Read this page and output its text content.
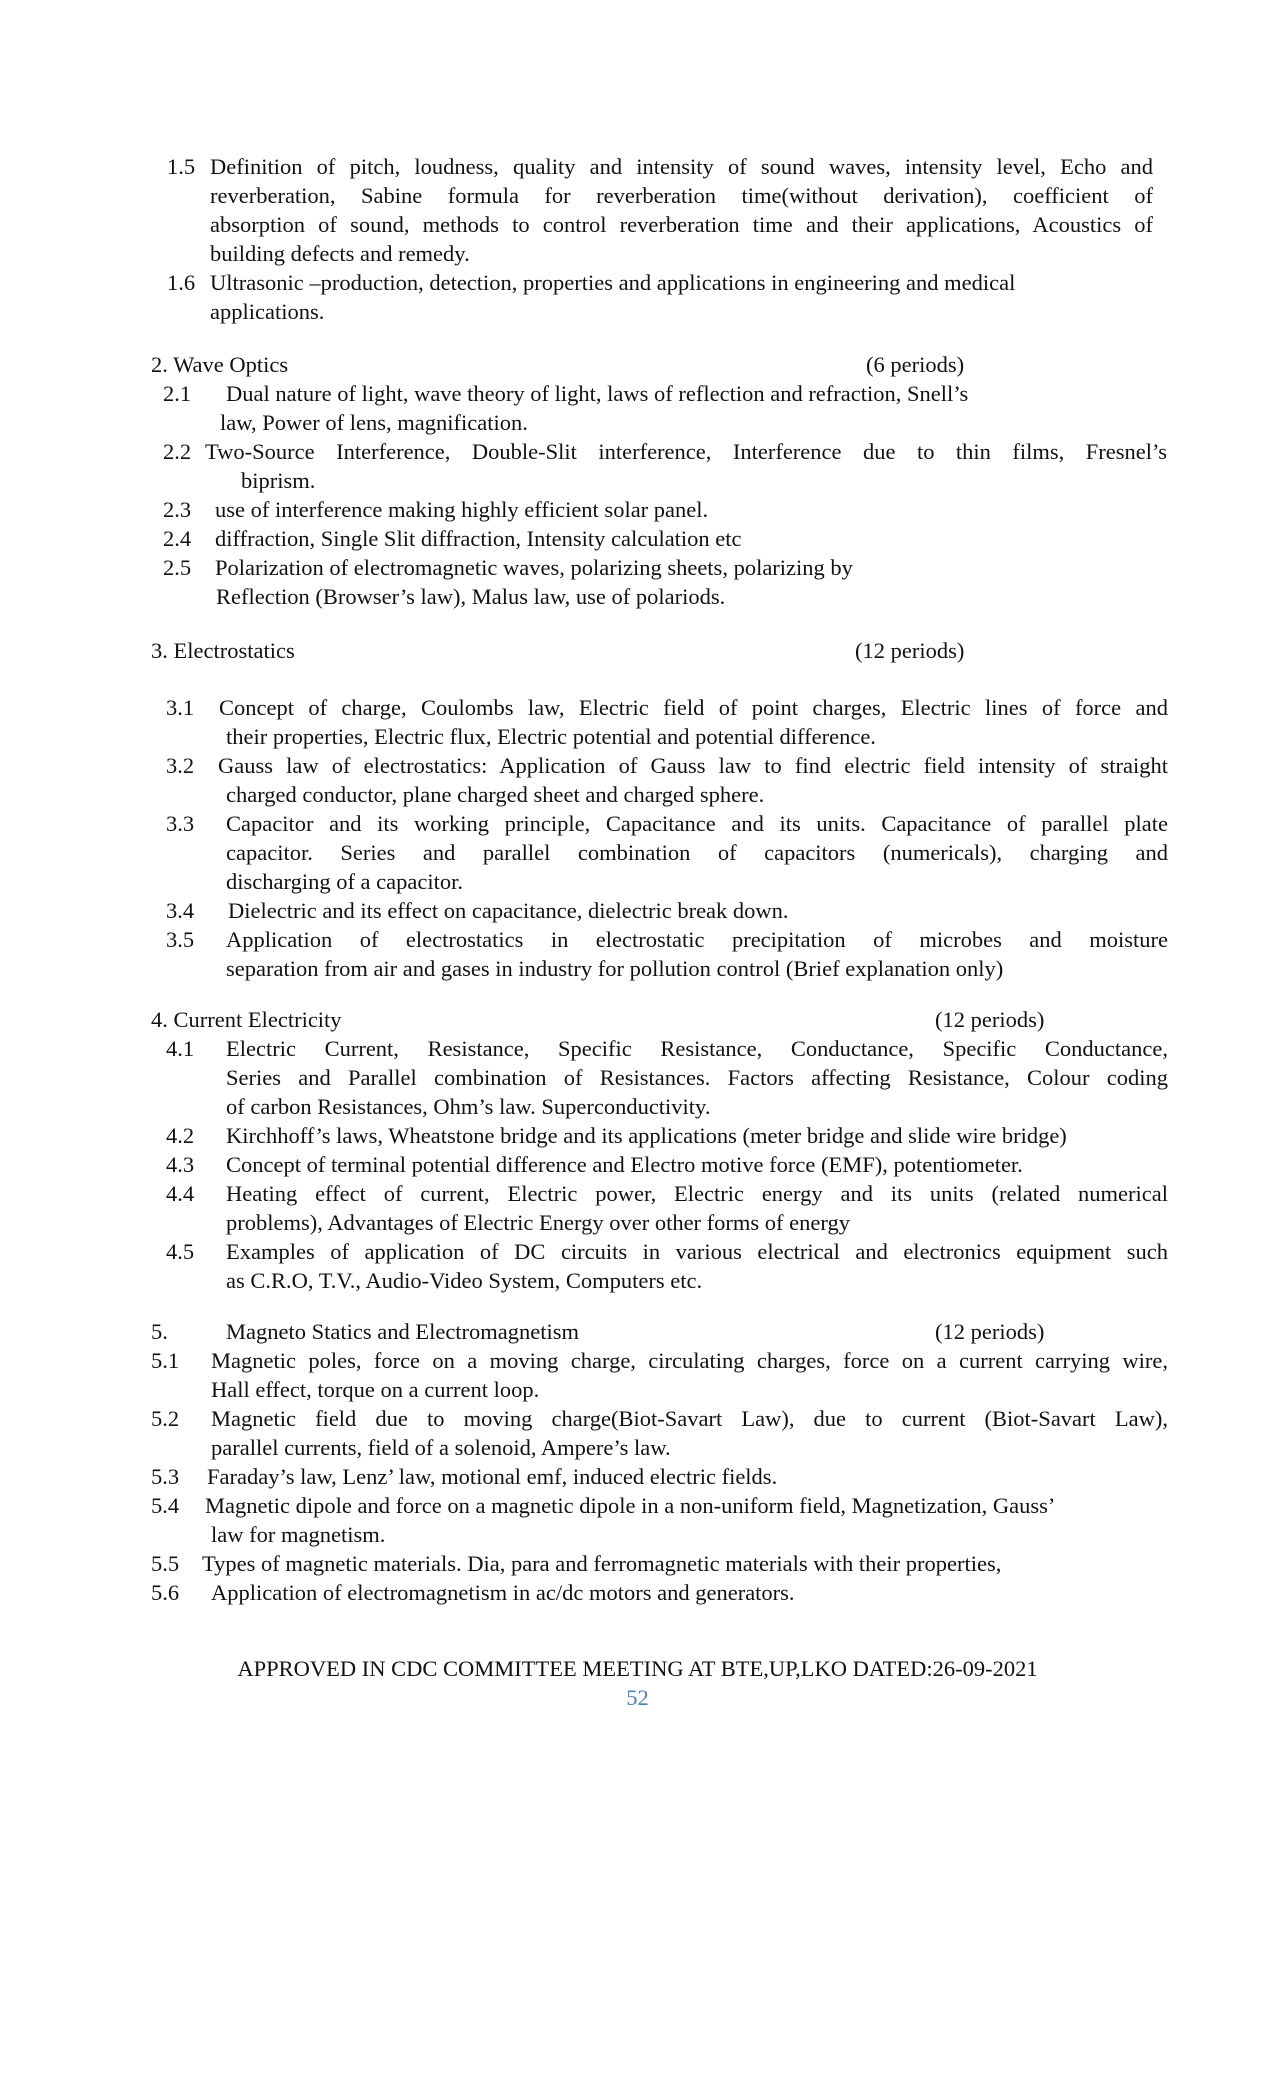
1.5 Definition of pitch, loudness, quality and intensity of sound waves, intensity level, Echo and
reverberation, Sabine formula for reverberation time(without derivation), coefficient of
absorption of sound, methods to control reverberation time and their applications, Acoustics of
building defects and remedy.
1.6 Ultrasonic –production, detection, properties and applications in engineering and medical
applications.
2. Wave Optics	(6 periods)
2.1 Dual nature of light, wave theory of light, laws of reflection and refraction, Snell’s
law, Power of lens, magnification.
2.2 Two-Source Interference, Double-Slit interference, Interference due to thin films, Fresnel’s
biprism.
2.3 use of interference making highly efficient solar panel.
2.4 diffraction, Single Slit diffraction, Intensity calculation etc
2.5 Polarization of electromagnetic waves, polarizing sheets, polarizing by
Reflection (Browser’s law), Malus law, use of polariods.
3. Electrostatics	(12 periods)
3.1 Concept of charge, Coulombs law, Electric field of point charges, Electric lines of force and
their properties, Electric flux, Electric potential and potential difference.
3.2 Gauss law of electrostatics: Application of Gauss law to find electric field intensity of straight
charged conductor, plane charged sheet and charged sphere.
3.3 Capacitor and its working principle, Capacitance and its units. Capacitance of parallel plate
capacitor. Series and parallel combination of capacitors (numericals), charging and
discharging of a capacitor.
3.4 Dielectric and its effect on capacitance, dielectric break down.
3.5 Application of electrostatics in electrostatic precipitation of microbes and moisture
separation from air and gases in industry for pollution control (Brief explanation only)
4. Current Electricity	(12 periods)
4.1 Electric Current, Resistance, Specific Resistance, Conductance, Specific Conductance,
Series and Parallel combination of Resistances. Factors affecting Resistance, Colour coding
of carbon Resistances, Ohm’s law. Superconductivity.
4.2 Kirchhoff’s laws, Wheatstone bridge and its applications (meter bridge and slide wire bridge)
4.3 Concept of terminal potential difference and Electro motive force (EMF), potentiometer.
4.4 Heating effect of current, Electric power, Electric energy and its units (related numerical
problems), Advantages of Electric Energy over other forms of energy
4.5 Examples of application of DC circuits in various electrical and electronics equipment such
as C.R.O, T.V., Audio-Video System, Computers etc.
5.	Magneto Statics and Electromagnetism	(12 periods)
5.1 Magnetic poles, force on a moving charge, circulating charges, force on a current carrying wire,
Hall effect, torque on a current loop.
5.2 Magnetic field due to moving charge(Biot-Savart Law), due to current (Biot-Savart Law),
parallel currents, field of a solenoid, Ampere’s law.
5.3 Faraday’s law, Lenz’ law, motional emf, induced electric fields.
5.4 Magnetic dipole and force on a magnetic dipole in a non-uniform field, Magnetization, Gauss’
law for magnetism.
5.5 Types of magnetic materials. Dia, para and ferromagnetic materials with their properties,
5.6 Application of electromagnetism in ac/dc motors and generators.
APPROVED IN CDC COMMITTEE MEETING AT BTE,UP,LKO DATED:26-09-2021
52
